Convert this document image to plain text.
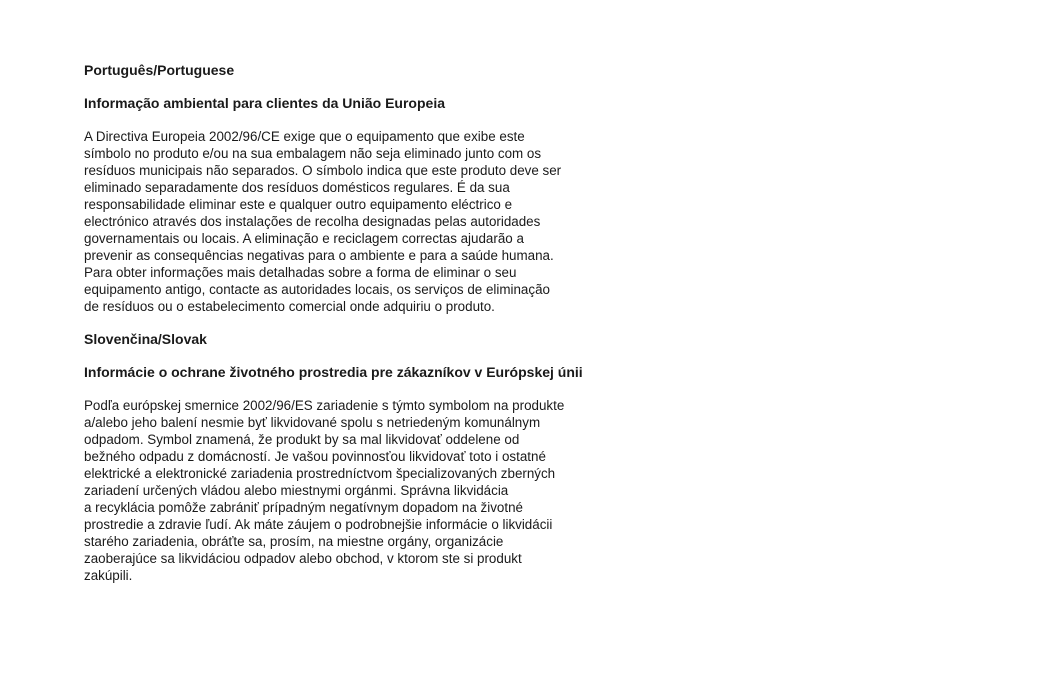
Português/Portuguese
Informação ambiental para clientes da União Europeia
A Directiva Europeia 2002/96/CE exige que o equipamento que exibe este
símbolo no produto e/ou na sua embalagem não seja eliminado junto com os
resíduos municipais não separados. O símbolo indica que este produto deve ser
eliminado separadamente dos resíduos domésticos regulares. É da sua
responsabilidade eliminar este e qualquer outro equipamento eléctrico e
electrónico através dos instalações de recolha designadas pelas autoridades
governamentais ou locais. A eliminação e reciclagem correctas ajudarão a
prevenir as consequências negativas para o ambiente e para a saúde humana.
Para obter informações mais detalhadas sobre a forma de eliminar o seu
equipamento antigo, contacte as autoridades locais, os serviços de eliminação
de resíduos ou o estabelecimento comercial onde adquiriu o produto.
Slovenčina/Slovak
Informácie o ochrane životného prostredia pre zákazníkov v Európskej únii
Podľa európskej smernice 2002/96/ES zariadenie s týmto symbolom na produkte
a/alebo jeho balení nesmie byť likvidované spolu s netriedeným komunálnym
odpadom. Symbol znamená, že produkt by sa mal likvidovať oddelene od
bežného odpadu z domácností. Je vašou povinnosťou likvidovať toto i ostatné
elektrické a elektronické zariadenia prostredníctvom špecializovaných zberných
zariadení určených vládou alebo miestnymi orgánmi. Správna likvidácia
a recyklácia pomôže zabrániť prípadným negatívnym dopadom na životné
prostredie a zdravie ľudí. Ak máte záujem o podrobnejšie informácie o likvidácii
starého zariadenia, obráťte sa, prosím, na miestne orgány, organizácie
zaoberajúce sa likvidáciou odpadov alebo obchod, v ktorom ste si produkt
zakúpili.
